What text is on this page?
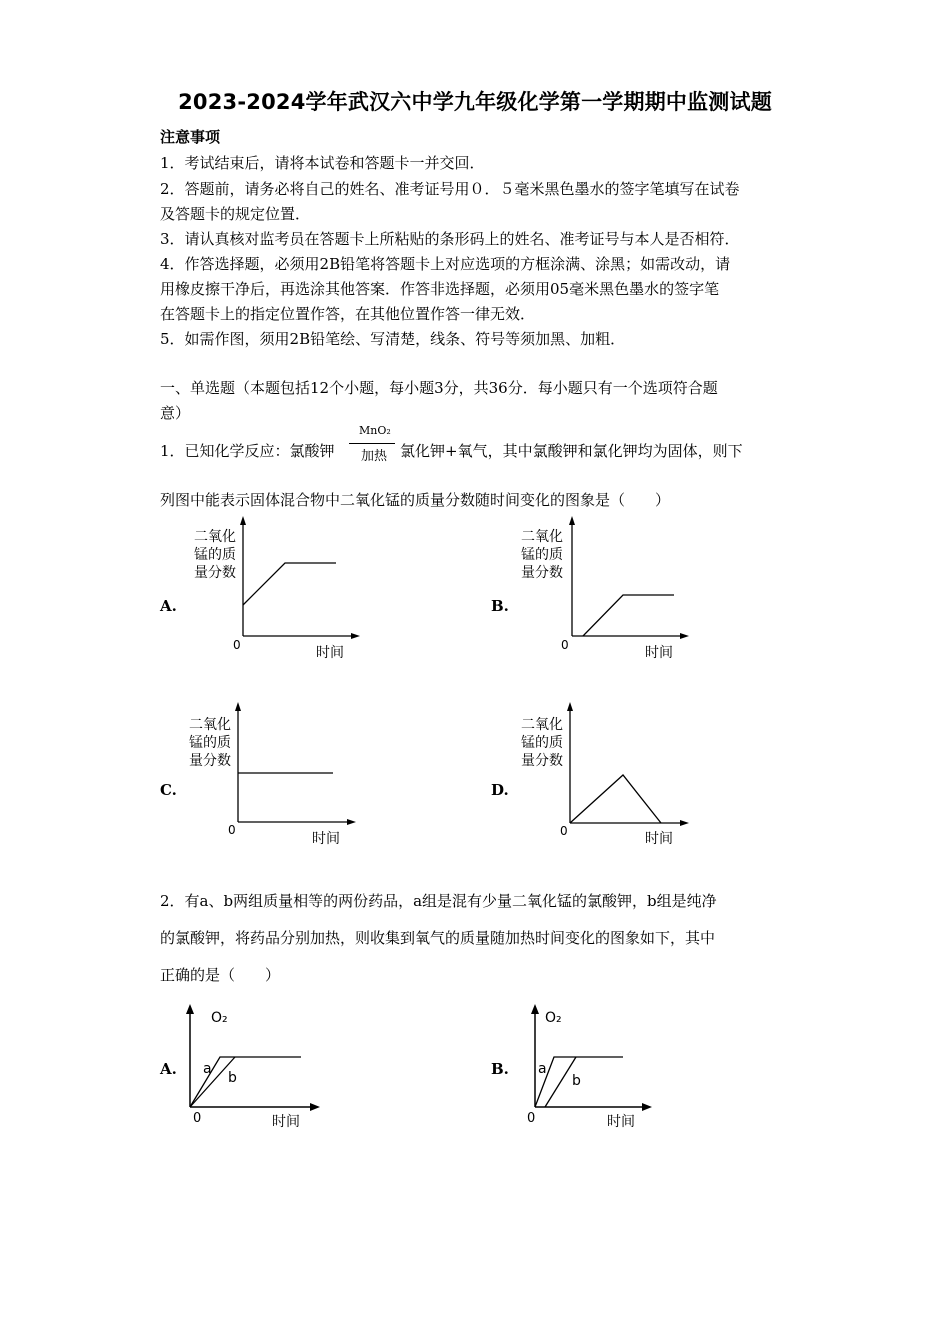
2023-2024学年武汉六中学九年级化学第一学期期中监测试题
注意事项
1．考试结束后，请将本试卷和答题卡一并交回．
2．答题前，请务必将自己的姓名、准考证号用０．５毫米黑色墨水的签字笔填写在试卷
及答题卡的规定位置．
3．请认真核对监考员在答题卡上所粘贴的条形码上的姓名、准考证号与本人是否相符．
4．作答选择题，必须用2B铅笔将答题卡上对应选项的方框涂满、涂黑；如需改动，请
用橡皮擦干净后，再选涂其他答案．作答非选择题，必须用05毫米黑色墨水的签字笔
在答题卡上的指定位置作答，在其他位置作答一律无效．
5．如需作图，须用2B铅笔绘、写清楚，线条、符号等须加黑、加粗．
一、单选题（本题包括12个小题，每小题3分，共36分．每小题只有一个选项符合题
意）
1．已知化学反应：氯酸钾
MnO₂
加热 氯化钾+氧气，其中氯酸钾和氯化钾均为固体，则下
列图中能表示固体混合物中二氧化锰的质量分数随时间变化的图象是（　　）
A.	B.
C.	D.
二氧化
锰的质
量分数
0	时间
二氧化
锰的质
量分数
0	时间
二氧化
锰的质
量分数
0
时间
二氧化
锰的质
量分数
0	时间
2．有a、b两组质量相等的两份药品，a组是混有少量二氧化锰的氯酸钾，b组是纯净
的氯酸钾，将药品分别加热，则收集到氧气的质量随加热时间变化的图象如下，其中
正确的是（　　）
A.	B.
O₂
a
b
0	时间
O₂
a
b
0	时间
